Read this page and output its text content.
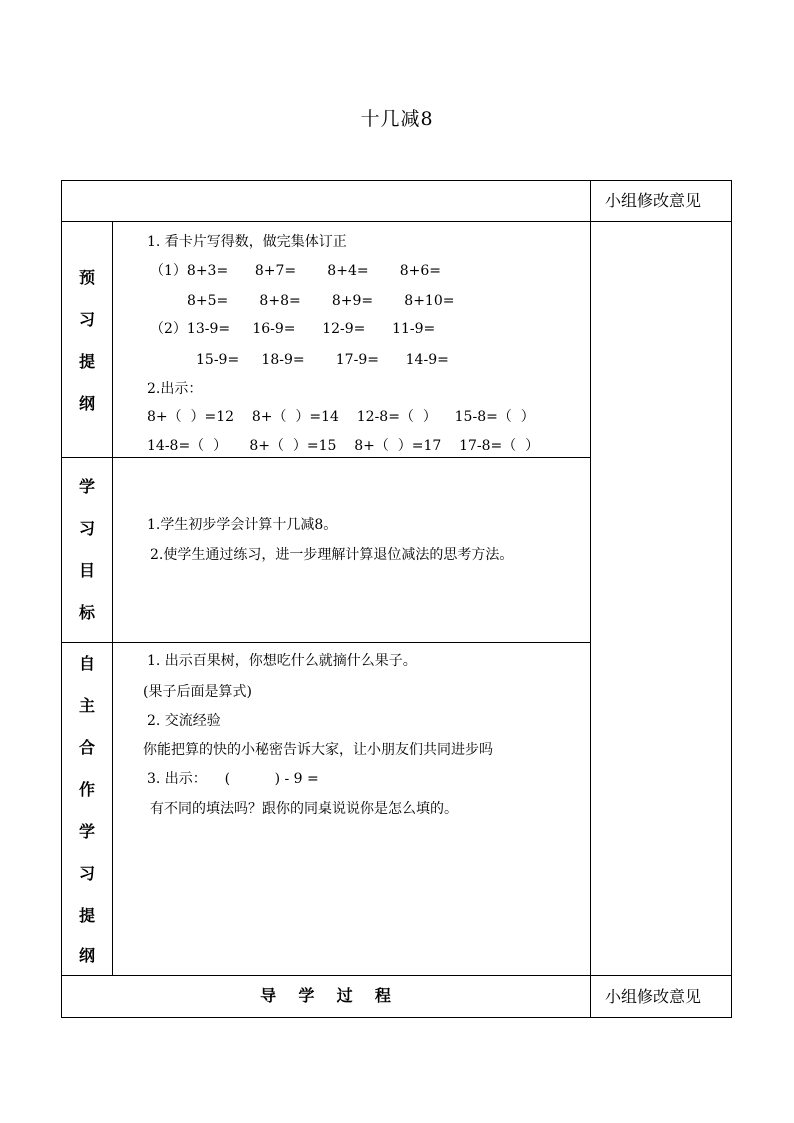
十几减8
小组修改意见
预
习
提
纲
1. 看卡片写得数，做完集体订正
（1）8+3=      8+7=       8+4=       8+6=
8+5=       8+8=       8+9=       8+10=
（2）13-9=     16-9=      12-9=      11-9=
15-9=     18-9=       17-9=      14-9=
2.出示：
8+（  ）=12    8+（  ）=14    12-8=（  ）    15-8=（  ）
14-8=（  ）     8+（  ）=15    8+（  ）=17    17-8=（  ）
学
习
目
标
1.学生初步学会计算十几减8。
2.使学生通过练习，进一步理解计算退位减法的思考方法。
自
主
合
作
学
习
提
纲
1. 出示百果树，你想吃什么就摘什么果子。
(果子后面是算式)
2. 交流经验
你能把算的快的小秘密告诉大家，让小朋友们共同进步吗
3. 出示：    (          ) - 9 =
有不同的填法吗？跟你的同桌说说你是怎么填的。
导    学    过    程	小组修改意见
